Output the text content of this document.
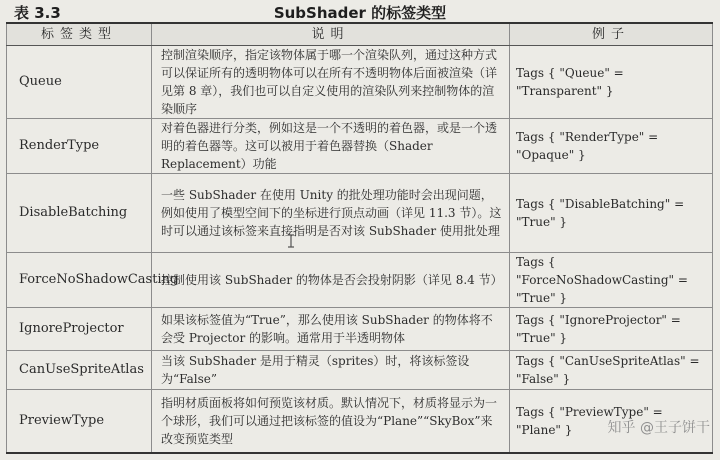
表 3.3	SubShader 的标签类型
标签类型	说明	例子
Queue	控制渲染顺序，指定该物体属于哪一个渲染队列，通过这种方式可以保证所有的透明物体可以在所有不透明物体后面被渲染（详见第 8 章），我们也可以自定义使用的渲染队列来控制物体的渲染顺序	Tags { "Queue" = "Transparent" }
RenderType	对着色器进行分类，例如这是一个不透明的着色器，或是一个透明的着色器等。这可以被用于着色器替换（Shader Replacement）功能	Tags { "RenderType" = "Opaque" }
DisableBatching	一些 SubShader 在使用 Unity 的批处理功能时会出现问题，例如使用了模型空间下的坐标进行顶点动画（详见 11.3 节）。这时可以通过该标签来直接指明是否对该 SubShader 使用批处理	Tags { "DisableBatching" = "True" }
ForceNoShadowCasting	控制使用该 SubShader 的物体是否会投射阴影（详见 8.4 节）	Tags { "ForceNoShadowCasting" = "True" }
IgnoreProjector	如果该标签值为“True”，那么使用该 SubShader 的物体将不会受 Projector 的影响。通常用于半透明物体	Tags { "IgnoreProjector" = "True" }
CanUseSpriteAtlas	当该 SubShader 是用于精灵（sprites）时，将该标签设为“False”	Tags { "CanUseSpriteAtlas" = "False" }
PreviewType	指明材质面板将如何预览该材质。默认情况下，材质将显示为一个球形，我们可以通过把该标签的值设为“Plane”“SkyBox”来改变预览类型	Tags { "PreviewType" = "Plane" }	知乎 @王子饼干
